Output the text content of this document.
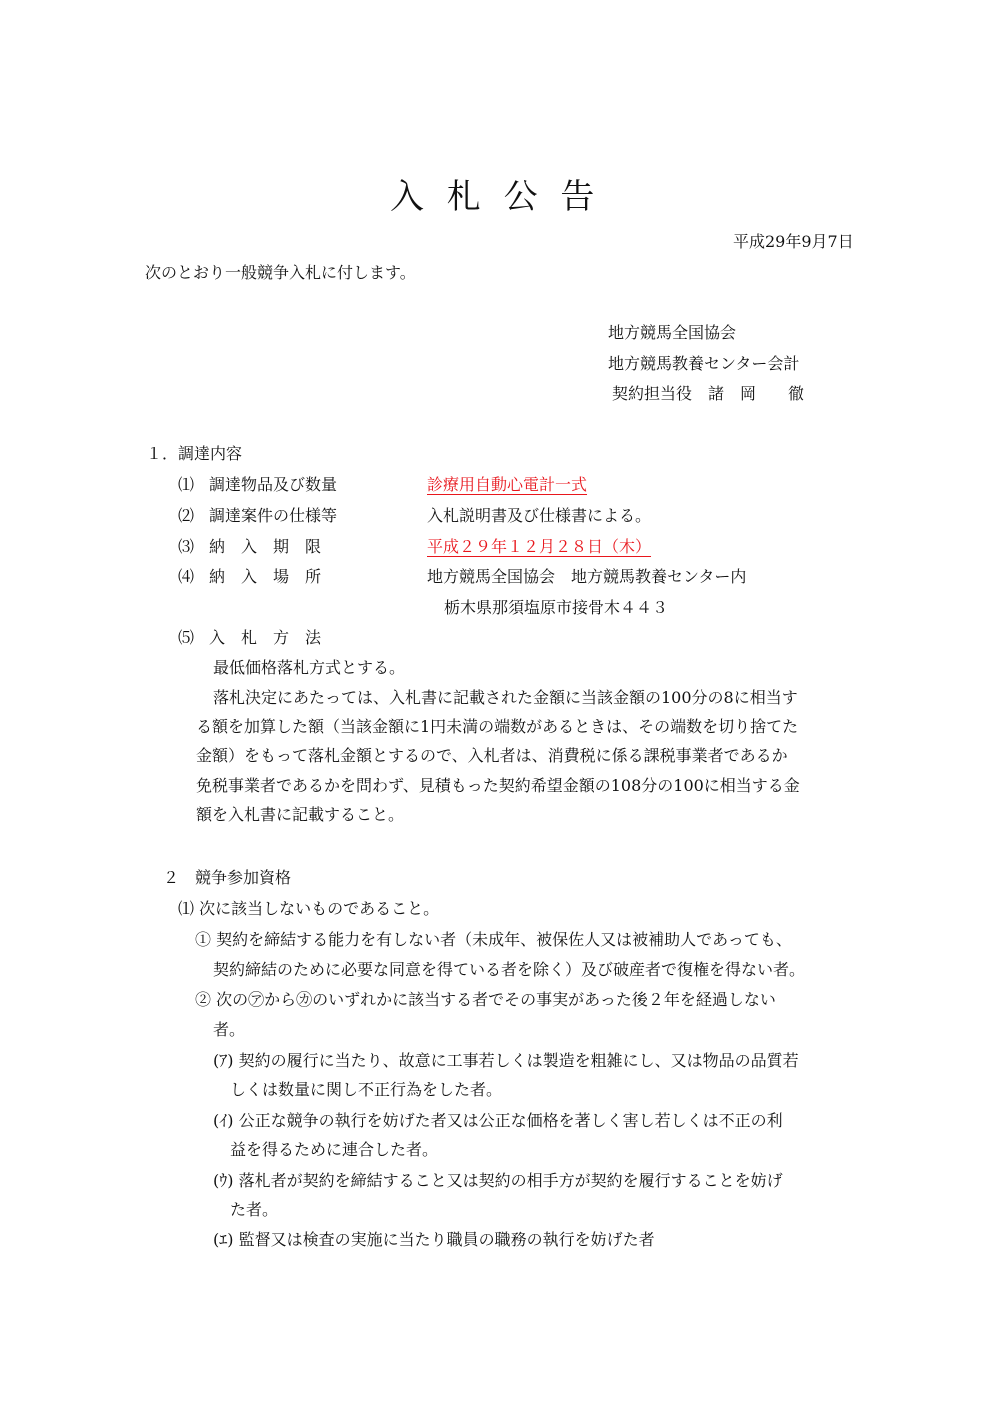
入 札 公 告
平成29年9月7日
次のとおり一般競争入札に付します。
地方競馬全国協会
地方競馬教養センター会計
契約担当役　諸　岡　　徹
１．調達内容
⑴ 調達物品及び数量	診療用自動心電計一式
⑵ 調達案件の仕様等	入札説明書及び仕様書による。
⑶ 納　入　期　限	平成２９年１２月２８日（木）
⑷ 納　入　場　所	地方競馬全国協会　地方競馬教養センター内
栃木県那須塩原市接骨木４４３
⑸ 入　札　方　法
最低価格落札方式とする。
落札決定にあたっては、入札書に記載された金額に当該金額の100分の8に相当す
る額を加算した額（当該金額に1円未満の端数があるときは、その端数を切り捨てた
金額）をもって落札金額とするので、入札者は、消費税に係る課税事業者であるか
免税事業者であるかを問わず、見積もった契約希望金額の108分の100に相当する金
額を入札書に記載すること。
２　競争参加資格
⑴ 次に該当しないものであること。
① 契約を締結する能力を有しない者（未成年、被保佐人又は被補助人であっても、
契約締結のために必要な同意を得ている者を除く）及び破産者で復権を得ない者。
② 次の㋐から㋕のいずれかに該当する者でその事実があった後２年を経過しない
者。
(ｱ) 契約の履行に当たり、故意に工事若しくは製造を粗雑にし、又は物品の品質若
しくは数量に関し不正行為をした者。
(ｲ) 公正な競争の執行を妨げた者又は公正な価格を著しく害し若しくは不正の利
益を得るために連合した者。
(ｳ) 落札者が契約を締結すること又は契約の相手方が契約を履行することを妨げ
た者。
(ｴ) 監督又は検査の実施に当たり職員の職務の執行を妨げた者
